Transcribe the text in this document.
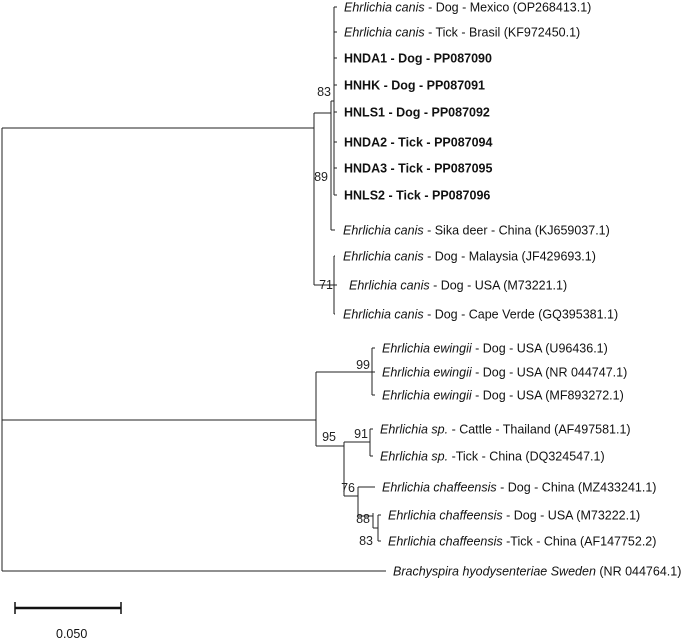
Ehrlichia canis - Dog - Mexico (OP268413.1)
Ehrlichia canis - Tick - Brasil (KF972450.1)
HNDA1 - Dog - PP087090
HNHK - Dog - PP087091
HNLS1 - Dog - PP087092
HNDA2 - Tick - PP087094
HNDA3 - Tick - PP087095
HNLS2 - Tick - PP087096
Ehrlichia canis - Sika deer - China (KJ659037.1)
Ehrlichia canis - Dog - Malaysia (JF429693.1)
Ehrlichia canis - Dog - USA (M73221.1)
Ehrlichia canis - Dog - Cape Verde (GQ395381.1)
Ehrlichia ewingii - Dog - USA (U96436.1)
Ehrlichia ewingii - Dog - USA (NR 044747.1)
Ehrlichia ewingii - Dog - USA (MF893272.1)
Ehrlichia sp. - Cattle - Thailand (AF497581.1)
Ehrlichia sp. -Tick - China (DQ324547.1)
Ehrlichia chaffeensis - Dog - China (MZ433241.1)
Ehrlichia chaffeensis - Dog - USA (M73222.1)
Ehrlichia chaffeensis -Tick - China (AF147752.2)
Brachyspira hyodysenteriae Sweden (NR 044764.1)
83
89
71
99
95 91
76
88
83
0.050
